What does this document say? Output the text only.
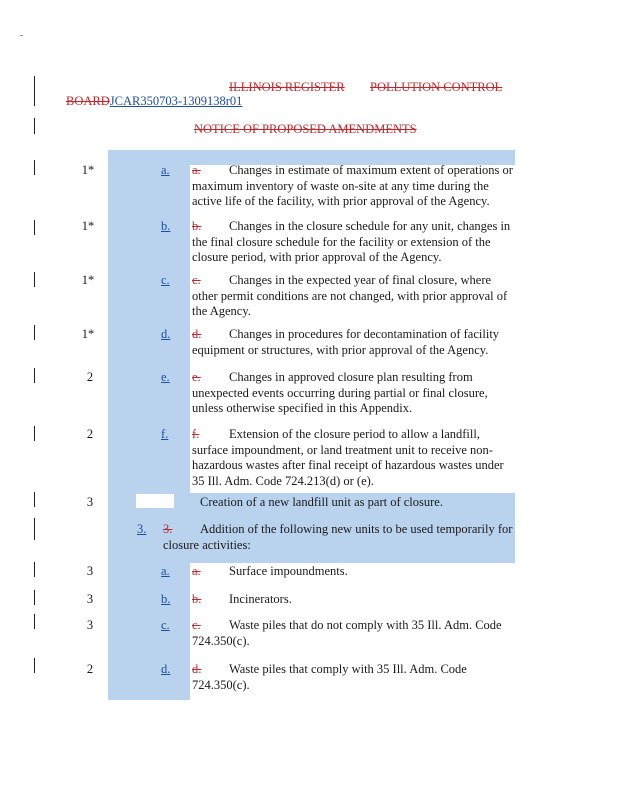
ILLINOIS REGISTER POLLUTION CONTROL
BOARDJCAR350703-1309138r01
NOTICE OF PROPOSED AMENDMENTS
1*	a. a.	Changes in estimate of maximum extent of operations or maximum inventory of waste on-site at any time during the active life of the facility, with prior approval of the Agency.
1*	b. b.	Changes in the closure schedule for any unit, changes in the final closure schedule for the facility or extension of the closure period, with prior approval of the Agency.
1*	c. c.	Changes in the expected year of final closure, where other permit conditions are not changed, with prior approval of the Agency.
1*	d. d.	Changes in procedures for decontamination of facility equipment or structures, with prior approval of the Agency.
2	e. e.	Changes in approved closure plan resulting from unexpected events occurring during partial or final closure, unless otherwise specified in this Appendix.
2	f. f.	Extension of the closure period to allow a landfill, surface impoundment, or land treatment unit to receive non-hazardous wastes after final receipt of hazardous wastes under 35 Ill. Adm. Code 724.213(d) or (e).
3	Creation of a new landfill unit as part of closure.
3. 3.	Addition of the following new units to be used temporarily for closure activities:
3	a. a. Surface impoundments.
3	b. b. Incinerators.
3	c. c.	Waste piles that do not comply with 35 Ill. Adm. Code 724.350(c).
2	d. d.	Waste piles that comply with 35 Ill. Adm. Code 724.350(c).
